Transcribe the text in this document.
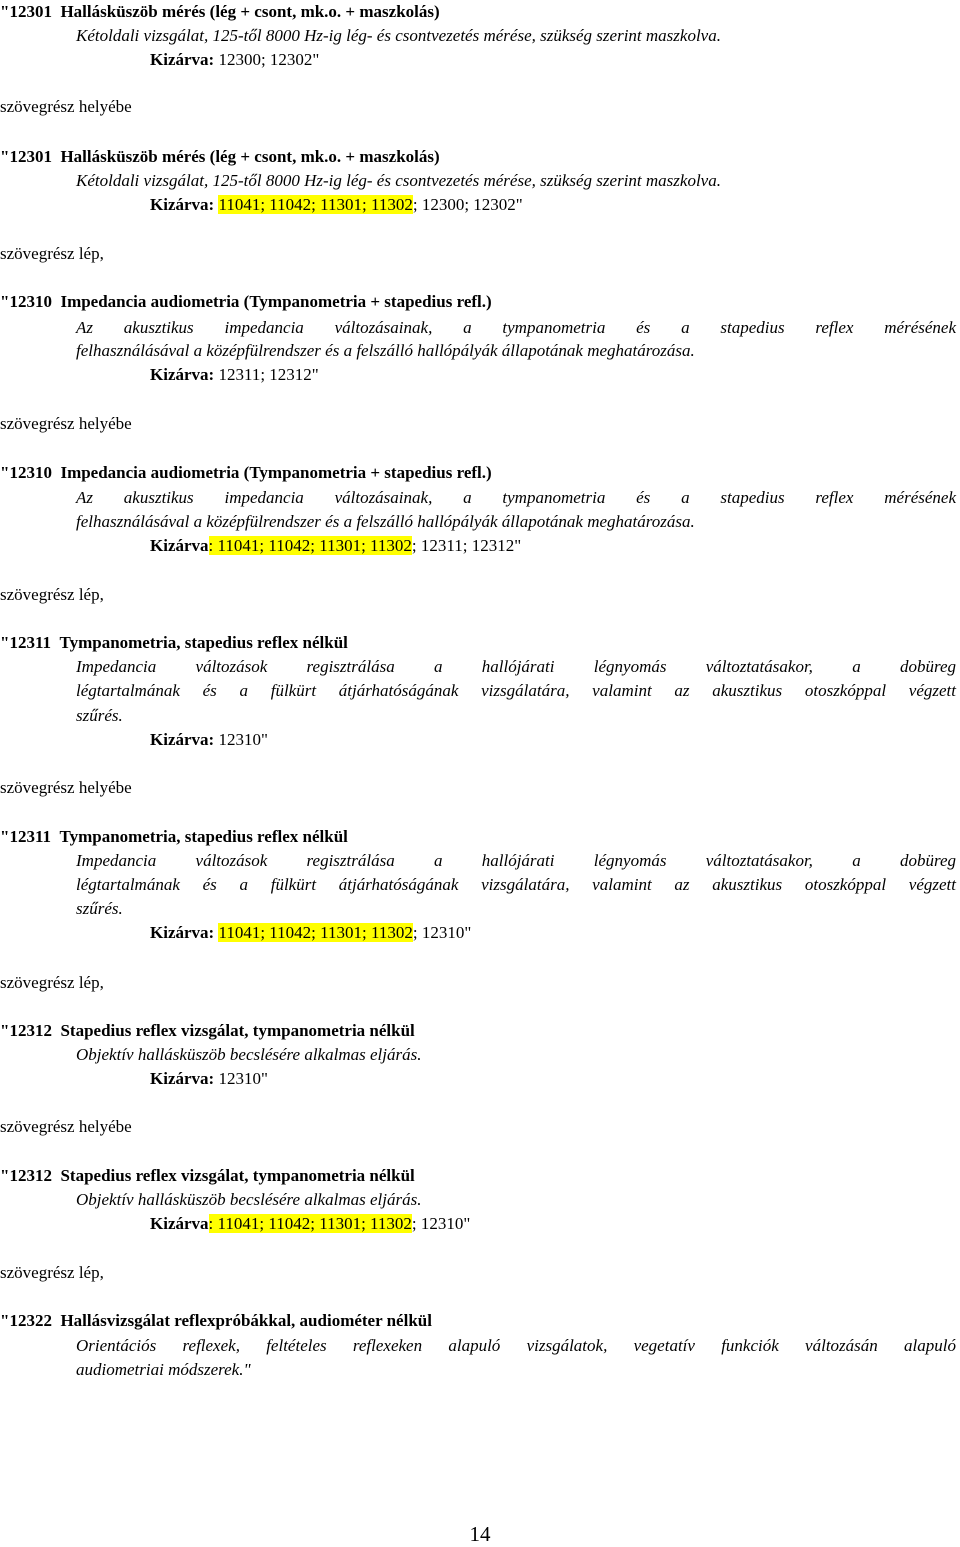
"12301 Hallásküszöb mérés (lég + csont, mk.o. + maszkolás)
Kétoldali vizsgálat, 125-től 8000 Hz-ig lég- és csontvezetés mérése, szükség szerint maszkolva.
Kizárva: 12300; 12302"
szövegrész helyébe
"12301 Hallásküszöb mérés (lég + csont, mk.o. + maszkolás)
Kétoldali vizsgálat, 125-től 8000 Hz-ig lég- és csontvezetés mérése, szükség szerint maszkolva.
Kizárva: 11041; 11042; 11301; 11302; 12300; 12302"
szövegrész lép,
"12310 Impedancia audiometria (Tympanometria + stapedius refl.)
Az akusztikus impedancia változásainak, a tympanometria és a stapedius reflex mérésének
felhasználásával a középfülrendszer és a felszálló hallópályák állapotának meghatározása.
Kizárva: 12311; 12312"
szövegrész helyébe
"12310 Impedancia audiometria (Tympanometria + stapedius refl.)
Az akusztikus impedancia változásainak, a tympanometria és a stapedius reflex mérésének
felhasználásával a középfülrendszer és a felszálló hallópályák állapotának meghatározása.
Kizárva: 11041; 11042; 11301; 11302; 12311; 12312"
szövegrész lép,
"12311 Tympanometria, stapedius reflex nélkül
Impedancia változások regisztrálása a hallójárati légnyomás változtatásakor, a dobüreg
légtartalmának és a fülkürt átjárhatóságának vizsgálatára, valamint az akusztikus otoszkóppal végzett
szűrés.
Kizárva: 12310"
szövegrész helyébe
"12311 Tympanometria, stapedius reflex nélkül
Impedancia változások regisztrálása a hallójárati légnyomás változtatásakor, a dobüreg
légtartalmának és a fülkürt átjárhatóságának vizsgálatára, valamint az akusztikus otoszkóppal végzett
szűrés.
Kizárva: 11041; 11042; 11301; 11302; 12310"
szövegrész lép,
"12312 Stapedius reflex vizsgálat, tympanometria nélkül
Objektív hallásküszöb becslésére alkalmas eljárás.
Kizárva: 12310"
szövegrész helyébe
"12312 Stapedius reflex vizsgálat, tympanometria nélkül
Objektív hallásküszöb becslésére alkalmas eljárás.
Kizárva: 11041; 11042; 11301; 11302; 12310"
szövegrész lép,
"12322 Hallásvizsgálat reflexpróbákkal, audiométer nélkül
Orientációs reflexek, feltételes reflexeken alapuló vizsgálatok, vegetatív funkciók változásán alapuló
audiometriai módszerek."
14
